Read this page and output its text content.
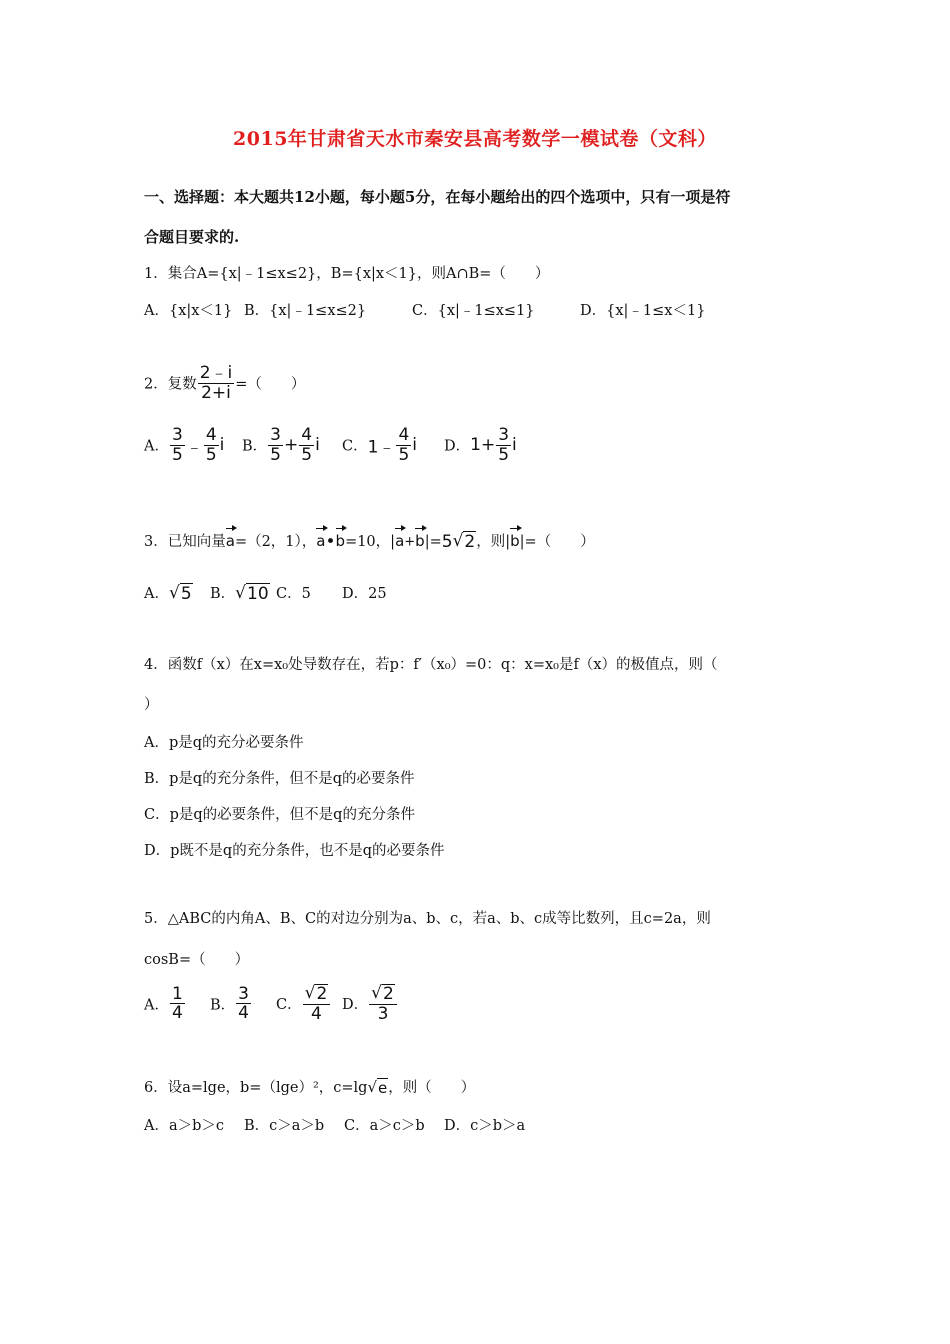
2015年甘肃省天水市秦安县高考数学一模试卷（文科）
一、选择题：本大题共12小题，每小题5分，在每小题给出的四个选项中，只有一项是符
合题目要求的.
1．集合A={x|﹣1≤x≤2}，B={x|x＜1}，则A∩B=（　　）
A．{x|x＜1} B．{x|﹣1≤x≤2}	C．{x|﹣1≤x≤1}	D．{x|﹣1≤x＜1}
2．复数 $\frac{2﹣i}{2+i}$ =（　　）
A． $\frac{3}{5}$ ﹣ $\frac{4}{5}$ i B． $\frac{3}{5} + \frac{4}{5}$ i C．1﹣ $\frac{4}{5}$ i D．$1+ \frac{3}{5}$ i
3．已知向量a=（2，1），a•b=10，|a+b|=5√ 2 ，则|b|=（　　）
A．√ 5 B．√ 10 C．5 D．25
4．函数f（x）在x=x₀处导数存在，若p：f′（x₀）=0：q：x=x₀是f（x）的极值点，则（
）
A．p是q的充分必要条件
B．p是q的充分条件，但不是q的必要条件
C．p是q的必要条件，但不是q的充分条件
D．p既不是q的充分条件，也不是q的必要条件
5．△ABC的内角A、B、C的对边分别为a、b、c，若a、b、c成等比数列，且c=2a，则
cosB=（　　）
A． $\frac{1}{4}$ B． $\frac{3}{4}$ C． $\frac{√ 2}{4}$ D． $\frac{√ 2}{3}$
6．设a=lge，b=（lge）²，c=lg√ e ，则（　　）
A．a＞b＞c B．c＞a＞b C．a＞c＞b D．c＞b＞a
